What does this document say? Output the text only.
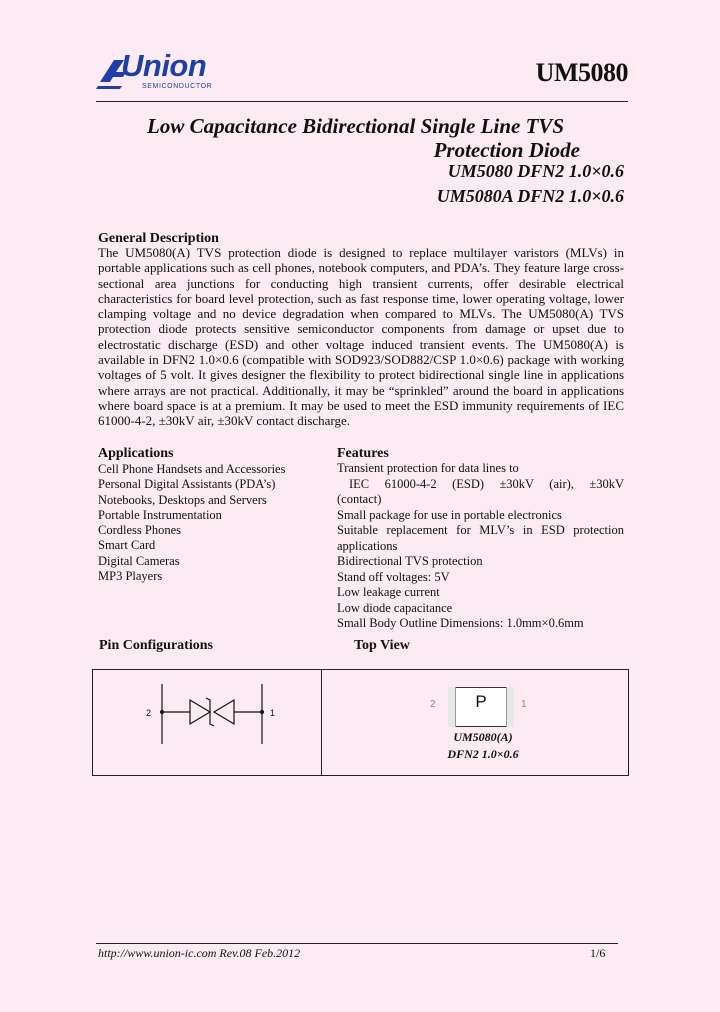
Union
SEMICONDUCTOR	UM5080
Low Capacitance Bidirectional Single Line TVS
Protection Diode
UM5080 DFN2 1.0×0.6
UM5080A DFN2 1.0×0.6
General Description
The UM5080(A) TVS protection diode is designed to replace multilayer varistors (MLVs) in portable applications such as cell phones, notebook computers, and PDA’s. They feature large cross-sectional area junctions for conducting high transient currents, offer desirable electrical characteristics for board level protection, such as fast response time, lower operating voltage, lower clamping voltage and no device degradation when compared to MLVs. The UM5080(A) TVS protection diode protects sensitive semiconductor components from damage or upset due to electrostatic discharge (ESD) and other voltage induced transient events. The UM5080(A) is available in DFN2 1.0×0.6 (compatible with SOD923/SOD882/CSP 1.0×0.6) package with working voltages of 5 volt. It gives designer the flexibility to protect bidirectional single line in applications where arrays are not practical. Additionally, it may be “sprinkled” around the board in applications where board space is at a premium. It may be used to meet the ESD immunity requirements of IEC 61000-4-2, ±30kV air, ±30kV contact discharge.
Applications
Cell Phone Handsets and Accessories
Personal Digital Assistants (PDA’s)
Notebooks, Desktops and Servers
Portable Instrumentation
Cordless Phones
Smart Card
Digital Cameras
MP3 Players
Features
Transient protection for data lines to
IEC 61000-4-2 (ESD) ±30kV (air), ±30kV
(contact)
Small package for use in portable electronics
Suitable replacement for MLV’s in ESD protection
applications
Bidirectional TVS protection
Stand off voltages: 5V
Low leakage current
Low diode capacitance
Small Body Outline Dimensions: 1.0mm×0.6mm
Pin Configurations	Top View
2	1
P
2	1
UM5080(A)
DFN2 1.0×0.6
http://www.union-ic.com Rev.08 Feb.2012	1/6
